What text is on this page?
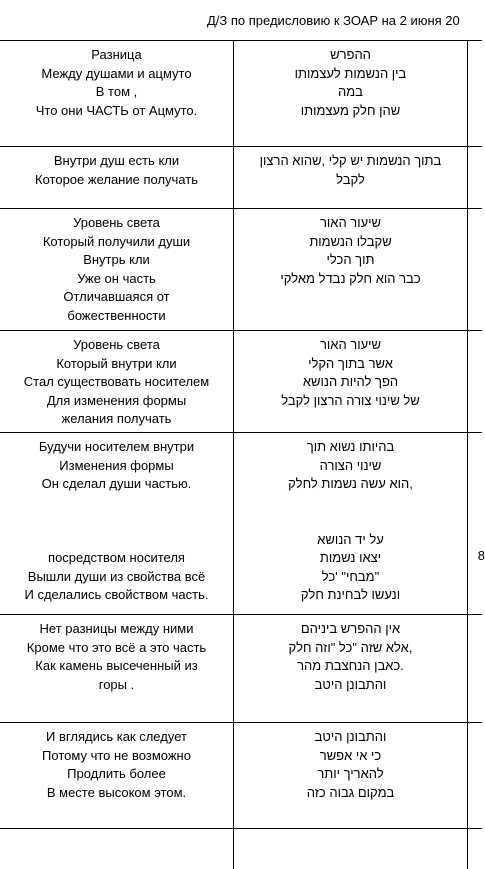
Д/З по предисловию к ЗОАР на 2 июня 20
Разница
Между душами и ацмуто
В том ,
Что они ЧАСТЬ от Ацмуто.
ההפרש
בין הנשמות לעצמותו
במה
שהן חלק מעצמותו
Внутри душ есть кли
Которое желание получать
בתוך הנשמות יש קלי ,שהוא הרצון
לקבל
Уровень света
Который получили души
Внутрь кли
Уже он часть
Отличавшаяся от
божественности
שיעור האור
שקבלו הנשמות
תוך הכלי
כבר הוא חלק נבדל מאלקי
Уровень света
Который внутри кли
Стал существовать носителем
Для изменения формы
желания получать
שיעור האור
אשר בתוך הקלי
הפך להיות הנושא
של שינוי צורה הרצון לקבל
Будучи носителем внутри
Изменения формы
Он сделал души частью.
посредством носителя
Вышли души из свойства всё
И сделались свойством часть.
בהיותו נשוא תוך
שינוי הצורה
,הוא עשה נשמות לחלק
על יד הנושא
יצאו נשמות
"מבחי" 'כל
ונעשו לבחינת חלק
8
Нет разницы между ними
Кроме что это всё а это часть
Как камень высеченный из
горы .
אין ההפרש ביניהם
,אלא שזה "כל "וזה חלק
.כאבן הנחצבת מהר
והתבונן היטב
И вглядись как следует
Потому что не возможно
Продлить более
В месте высоком этом.
והתבונן היטב
כי אי אפשר
להאריך יותר
במקום גבוה כזה
